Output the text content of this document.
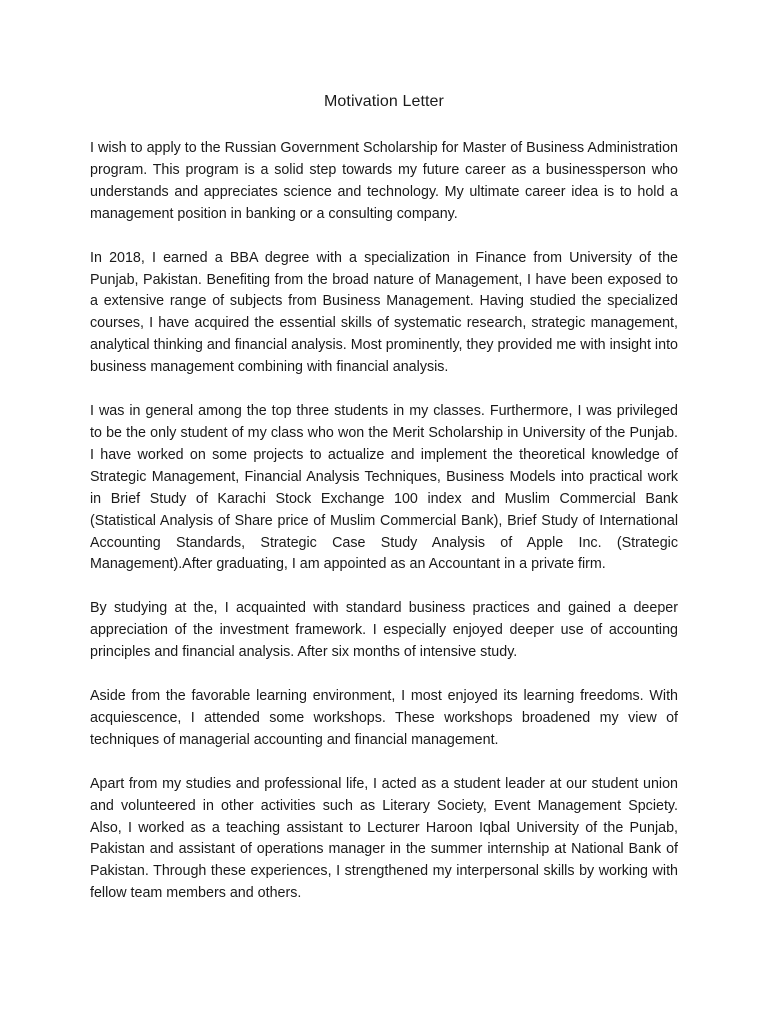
Motivation Letter

I wish to apply to the Russian Government Scholarship for Master of Business Administration program. This program is a solid step towards my future career as a businessperson who understands and appreciates science and technology. My ultimate career idea is to hold a management position in banking or a consulting company.

In 2018, I earned a BBA degree with a specialization in Finance from University of the Punjab, Pakistan. Benefiting from the broad nature of Management, I have been exposed to a extensive range of subjects from Business Management. Having studied the specialized courses, I have acquired the essential skills of systematic research, strategic management, analytical thinking and financial analysis. Most prominently, they provided me with insight into business management combining with financial analysis.

I was in general among the top three students in my classes. Furthermore, I was privileged to be the only student of my class who won the Merit Scholarship in University of the Punjab. I have worked on some projects to actualize and implement the theoretical knowledge of Strategic Management, Financial Analysis Techniques, Business Models into practical work in Brief Study of Karachi Stock Exchange 100 index and Muslim Commercial Bank (Statistical Analysis of Share price of Muslim Commercial Bank), Brief Study of International Accounting Standards, Strategic Case Study Analysis of Apple Inc. (Strategic Management).After graduating, I am appointed as an Accountant in a private firm.

By studying at the, I acquainted with standard business practices and gained a deeper appreciation of the investment framework. I especially enjoyed deeper use of accounting principles and financial analysis. After six months of intensive study.

Aside from the favorable learning environment, I most enjoyed its learning freedoms. With acquiescence, I attended some workshops. These workshops broadened my view of techniques of managerial accounting and financial management.

Apart from my studies and professional life, I acted as a student leader at our student union and volunteered in other activities such as Literary Society, Event Management Spciety. Also, I worked as a teaching assistant to Lecturer Haroon Iqbal University of the Punjab, Pakistan and assistant of operations manager in the summer internship at National Bank of Pakistan. Through these experiences, I strengthened my interpersonal skills by working with fellow team members and others.
